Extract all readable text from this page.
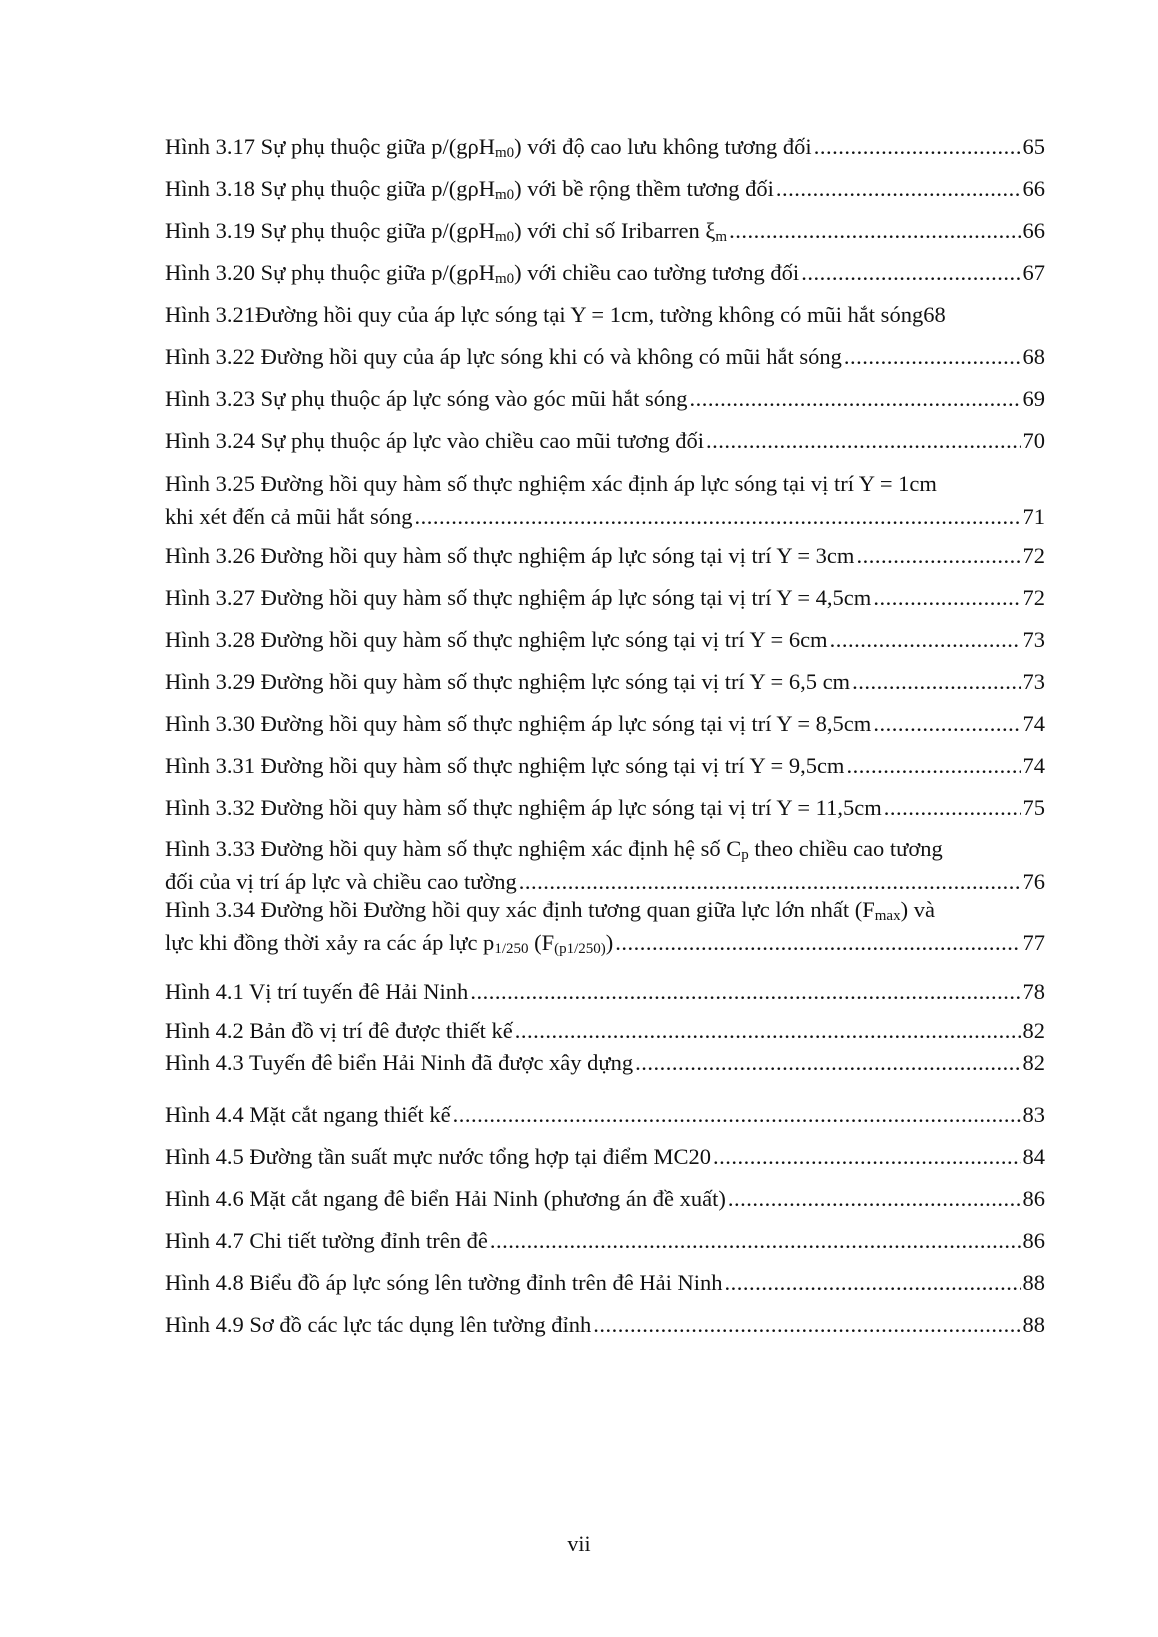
Hình 3.17 Sự phụ thuộc giữa p/(gρH$_{m0}$) với độ cao lưu không tương đối .....	65
Hình 3.18 Sự phụ thuộc giữa p/(gρH$_{m0}$) với bề rộng thềm tương đối .....	66
Hình 3.19 Sự phụ thuộc giữa p/(gρH$_{m0}$) với chỉ số Iribarren $\xi_m$ .....	66
Hình 3.20 Sự phụ thuộc giữa p/(gρH$_{m0}$) với chiều cao tường tương đối .....	67
Hình 3.21Đường hồi quy của áp lực sóng tại Y = 1cm, tường không có mũi hắt sóng 68
Hình 3.22 Đường hồi quy của áp lực sóng khi có và không có mũi hắt sóng .....	68
Hình 3.23 Sự phụ thuộc áp lực sóng vào góc mũi hắt sóng .....	69
Hình 3.24 Sự phụ thuộc áp lực vào chiều cao mũi tương đối .....	70
Hình 3.25 Đường hồi quy hàm số thực nghiệm xác định áp lực sóng tại vị trí Y = 1cm
khi xét đến cả mũi hắt sóng .....	71
Hình 3.26 Đường hồi quy hàm số thực nghiệm áp lực sóng tại vị trí Y = 3cm .....	72
Hình 3.27 Đường hồi quy hàm số thực nghiệm áp lực sóng tại vị trí Y = 4,5cm .....	72
Hình 3.28 Đường hồi quy hàm số thực nghiệm lực sóng tại vị trí Y = 6cm .....	73
Hình 3.29 Đường hồi quy hàm số thực nghiệm lực sóng tại vị trí Y = 6,5 cm .....	73
Hình 3.30 Đường hồi quy hàm số thực nghiệm áp lực sóng tại vị trí Y = 8,5cm .....	74
Hình 3.31 Đường hồi quy hàm số thực nghiệm lực sóng tại vị trí Y = 9,5cm .....	74
Hình 3.32 Đường hồi quy hàm số thực nghiệm áp lực sóng tại vị trí Y = 11,5cm .....	75
Hình 3.33 Đường hồi quy hàm số thực nghiệm xác định hệ số $C_p$ theo chiều cao tương
đối của vị trí áp lực và chiều cao tường .....	76
Hình 3.34 Đường hồi Đường hồi quy xác định tương quan giữa lực lớn nhất $(F_{max})$ và
lực khi đồng thời xảy ra các áp lực $p_{1/250}$ $(F_{(p1/250)})$ .....	77
Hình 4.1 Vị trí tuyến đê Hải Ninh .....	78
Hình 4.2 Bản đồ vị trí đê được thiết kế .....	82
Hình 4.3 Tuyến đê biển Hải Ninh đã được xây dựng .....	82
Hình 4.4 Mặt cắt ngang thiết kế .....	83
Hình 4.5 Đường tần suất mực nước tổng hợp tại điểm MC20 .....	84
Hình 4.6 Mặt cắt ngang đê biển Hải Ninh (phương án đề xuất) .....	86
Hình 4.7 Chi tiết tường đỉnh trên đê .....	86
Hình 4.8 Biểu đồ áp lực sóng lên tường đỉnh trên đê Hải Ninh .....	88
Hình 4.9 Sơ đồ các lực tác dụng lên tường đỉnh .....	88
vii
